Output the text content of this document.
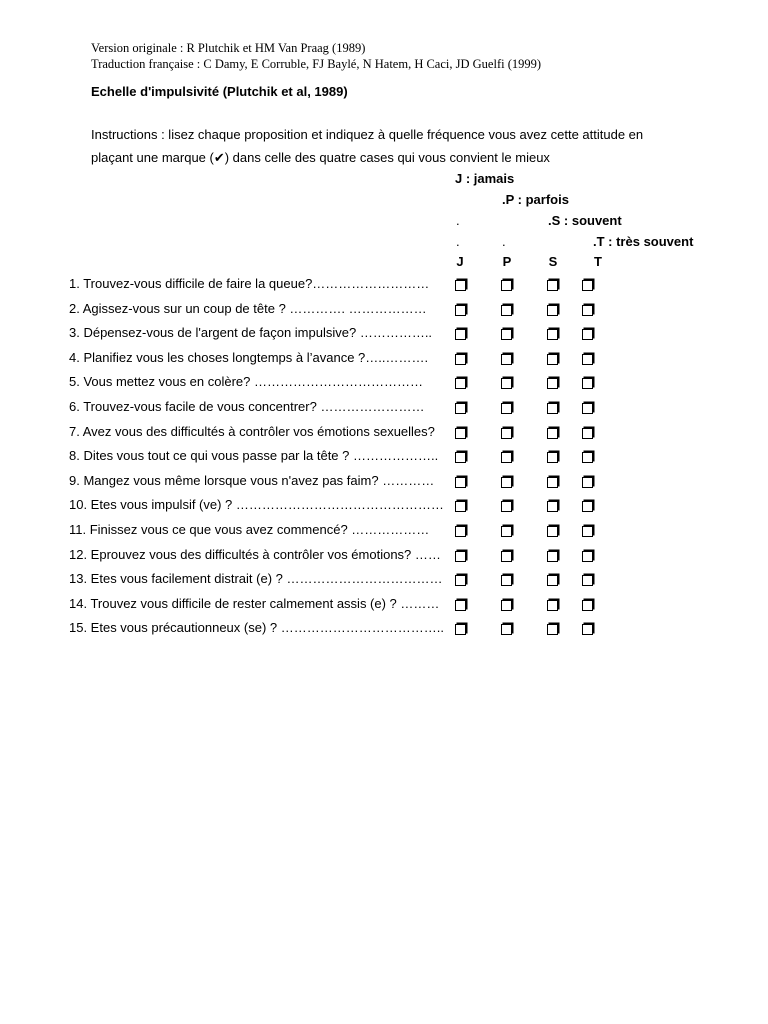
Version originale : R Plutchik et HM Van Praag (1989)
Traduction française : C Damy, E Corruble, FJ Baylé, N Hatem, H Caci, JD Guelfi (1999)
Echelle d'impulsivité (Plutchik et al, 1989)
Instructions : lisez chaque proposition et indiquez à quelle fréquence vous avez cette attitude en
plaçant une marque (✔) dans celle des quatre cases qui vous convient le mieux
J : jamais
.P : parfois
.	.S : souvent
.	.	.T : très souvent
J	P	S	T
1. Trouvez-vous difficile de faire la queue?………………………
2. Agissez-vous sur un coup de tête ? …………. ………………
3. Dépensez-vous de l'argent de façon impulsive? ……………..
4. Planifiez vous les choses longtemps à l’avance ?…..……….
5. Vous mettez vous en colère? …………………………………
6. Trouvez-vous facile de vous concentrer? ……………………
7. Avez vous des difficultés à contrôler vos émotions sexuelles?
8. Dites vous tout ce qui vous passe par la tête ? ………………..
9. Mangez vous même lorsque vous n'avez pas faim? …………
10. Etes vous impulsif (ve) ? …………………………………………
11. Finissez vous ce que vous avez commencé? ………………
12. Eprouvez vous des difficultés à contrôler vos émotions? ……
13. Etes vous facilement distrait (e) ? ………………………………
14. Trouvez vous difficile de rester calmement assis (e) ? ………
15. Etes vous précautionneux (se) ? ………………………………..
